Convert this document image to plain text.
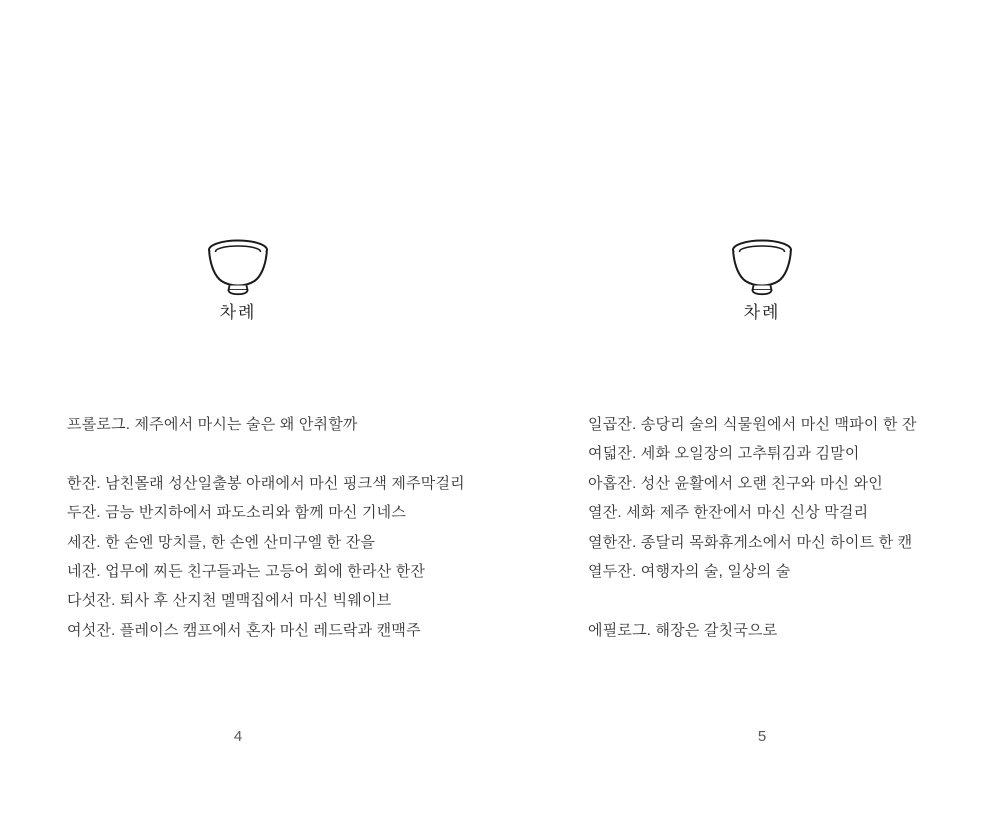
차례
프롤로그. 제주에서 마시는 술은 왜 안취할까
한잔. 남친몰래 성산일출봉 아래에서 마신 핑크색 제주막걸리
두잔. 금능 반지하에서 파도소리와 함께 마신 기네스
세잔. 한 손엔 망치를, 한 손엔 산미구엘 한 잔을
네잔. 업무에 찌든 친구들과는 고등어 회에 한라산 한잔
다섯잔. 퇴사 후 산지천 멜맥집에서 마신 빅웨이브
여섯잔. 플레이스 캠프에서 혼자 마신 레드락과 캔맥주
4
차례
일곱잔. 송당리 술의 식물원에서 마신 맥파이 한 잔
여덟잔. 세화 오일장의 고추튀김과 김말이
아홉잔. 성산 윤활에서 오랜 친구와 마신 와인
열잔. 세화 제주 한잔에서 마신 신상 막걸리
열한잔. 종달리 목화휴게소에서 마신 하이트 한 캔
열두잔. 여행자의 술, 일상의 술
에필로그. 해장은 갈칫국으로
5
